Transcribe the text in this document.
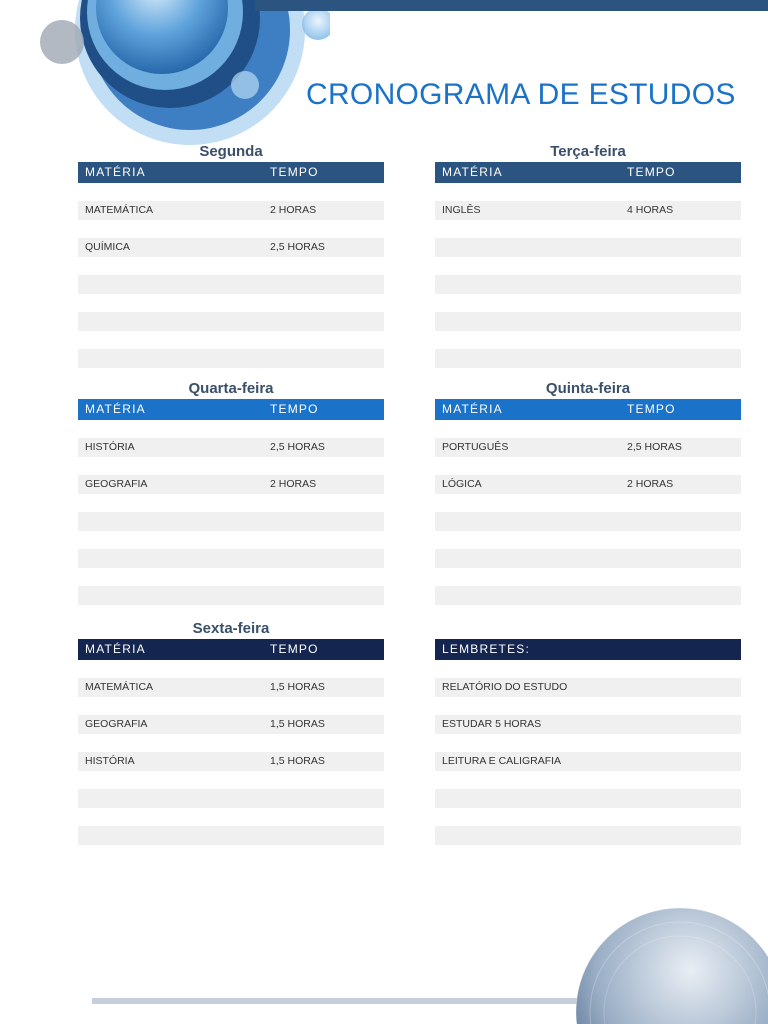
CRONOGRAMA DE ESTUDOS
Segunda
MATÉRIA	TEMPO
MATEMÁTICA	2 HORAS
QUÍMICA	2,5 HORAS
Terça-feira
MATÉRIA	TEMPO
INGLÊS	4 HORAS
Quarta-feira
MATÉRIA	TEMPO
HISTÓRIA	2,5 HORAS
GEOGRAFIA	2 HORAS
Quinta-feira
MATÉRIA	TEMPO
PORTUGUÊS	2,5 HORAS
LÓGICA	2 HORAS
Sexta-feira
MATÉRIA	TEMPO
MATEMÁTICA	1,5 HORAS
GEOGRAFIA	1,5 HORAS
HISTÓRIA	1,5 HORAS
LEMBRETES:
RELATÓRIO DO ESTUDO
ESTUDAR 5 HORAS
LEITURA E CALIGRAFIA
